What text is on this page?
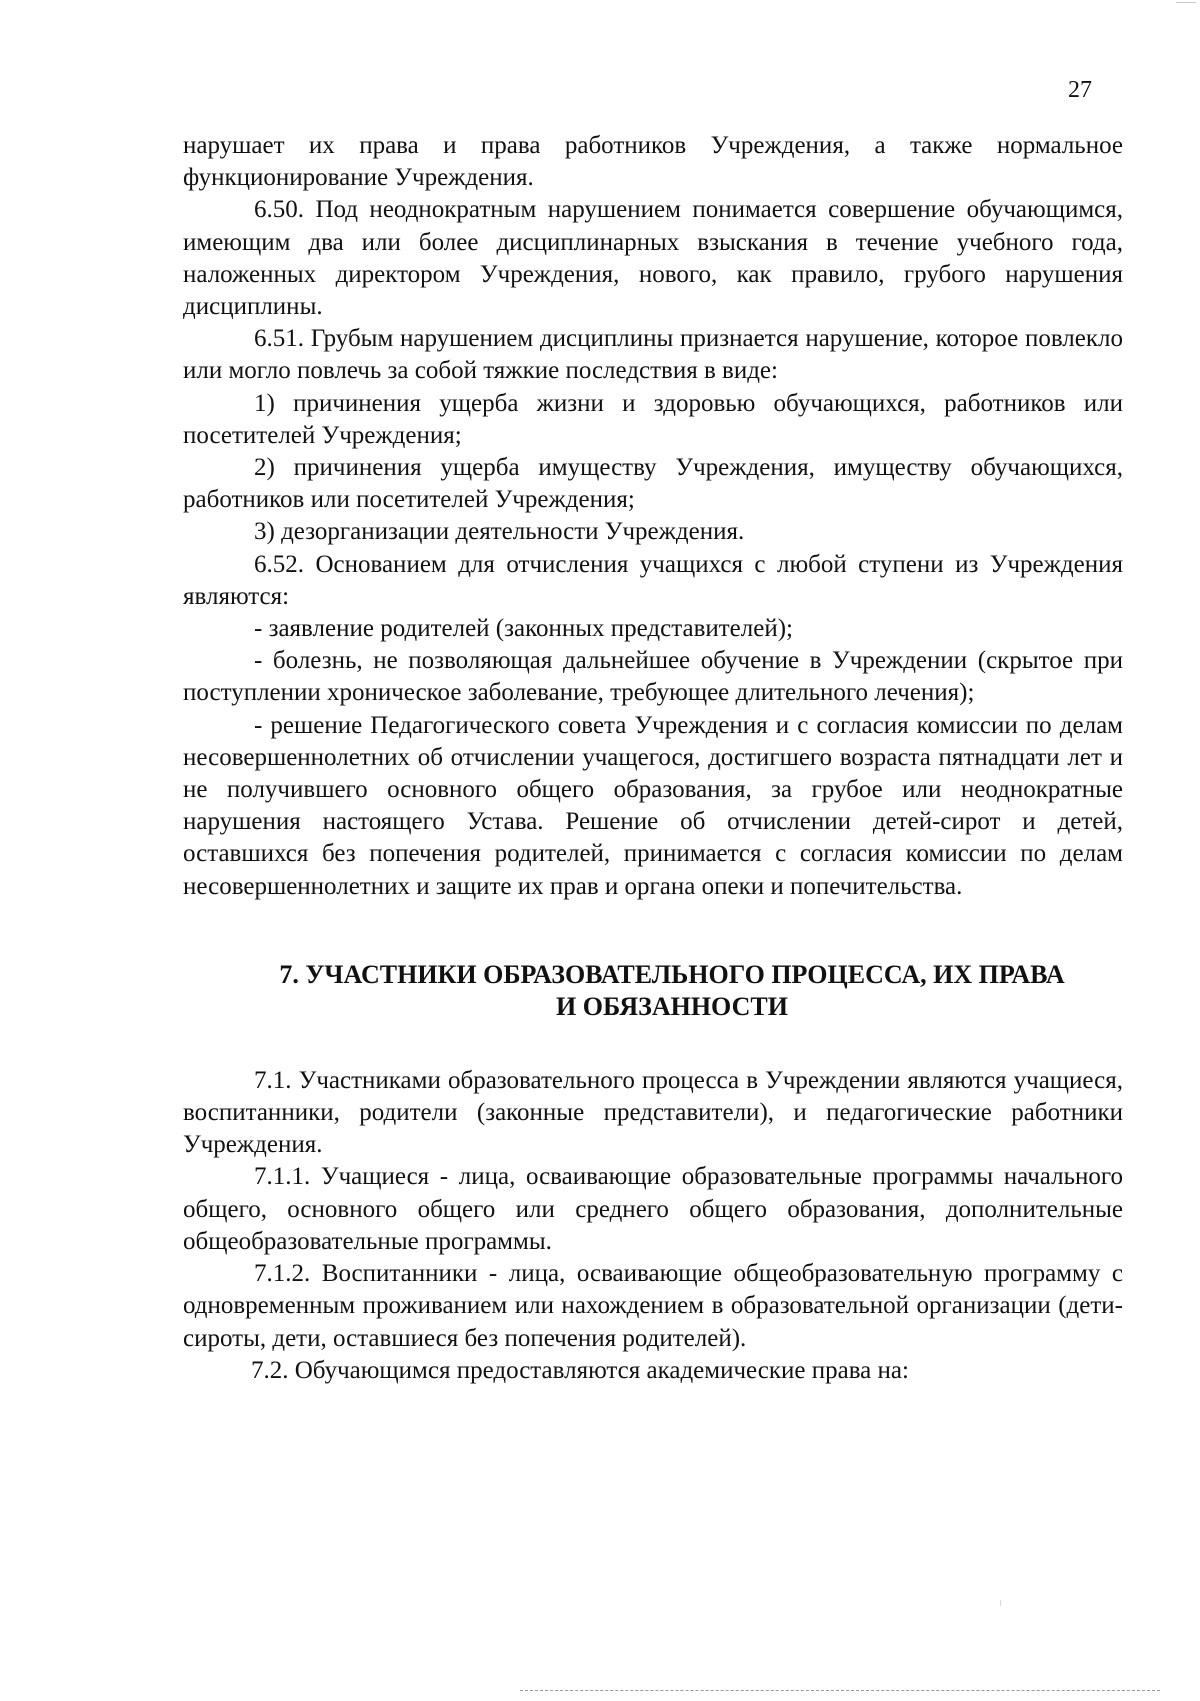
27

нарушает их права и права работников Учреждения, а также нормальное функционирование Учреждения.

6.50. Под неоднократным нарушением понимается совершение обучающимся, имеющим два или более дисциплинарных взыскания в течение учебного года, наложенных директором Учреждения, нового, как правило, грубого нарушения дисциплины.

6.51. Грубым нарушением дисциплины признается нарушение, которое повлекло или могло повлечь за собой тяжкие последствия в виде:

1) причинения ущерба жизни и здоровью обучающихся, работников или посетителей Учреждения;

2) причинения ущерба имуществу Учреждения, имуществу обучающихся, работников или посетителей Учреждения;

3) дезорганизации деятельности Учреждения.

6.52. Основанием для отчисления учащихся с любой ступени из Учреждения являются:

- заявление родителей (законных представителей);

- болезнь, не позволяющая дальнейшее обучение в Учреждении (скрытое при поступлении хроническое заболевание, требующее длительного лечения);

- решение Педагогического совета Учреждения и с согласия комиссии по делам несовершеннолетних об отчислении учащегося, достигшего возраста пятнадцати лет и не получившего основного общего образования, за грубое или неоднократные нарушения настоящего Устава. Решение об отчислении детей-сирот и детей, оставшихся без попечения родителей, принимается с согласия комиссии по делам несовершеннолетних и защите их прав и органа опеки и попечительства.

7. УЧАСТНИКИ ОБРАЗОВАТЕЛЬНОГО ПРОЦЕССА, ИХ ПРАВА
И ОБЯЗАННОСТИ

7.1. Участниками образовательного процесса в Учреждении являются учащиеся, воспитанники, родители (законные представители), и педагогические работники Учреждения.

7.1.1. Учащиеся - лица, осваивающие образовательные программы начального общего, основного общего или среднего общего образования, дополнительные общеобразовательные программы.

7.1.2. Воспитанники - лица, осваивающие общеобразовательную программу с одновременным проживанием или нахождением в образовательной организации (дети-сироты, дети, оставшиеся без попечения родителей).

7.2. Обучающимся предоставляются академические права на:
